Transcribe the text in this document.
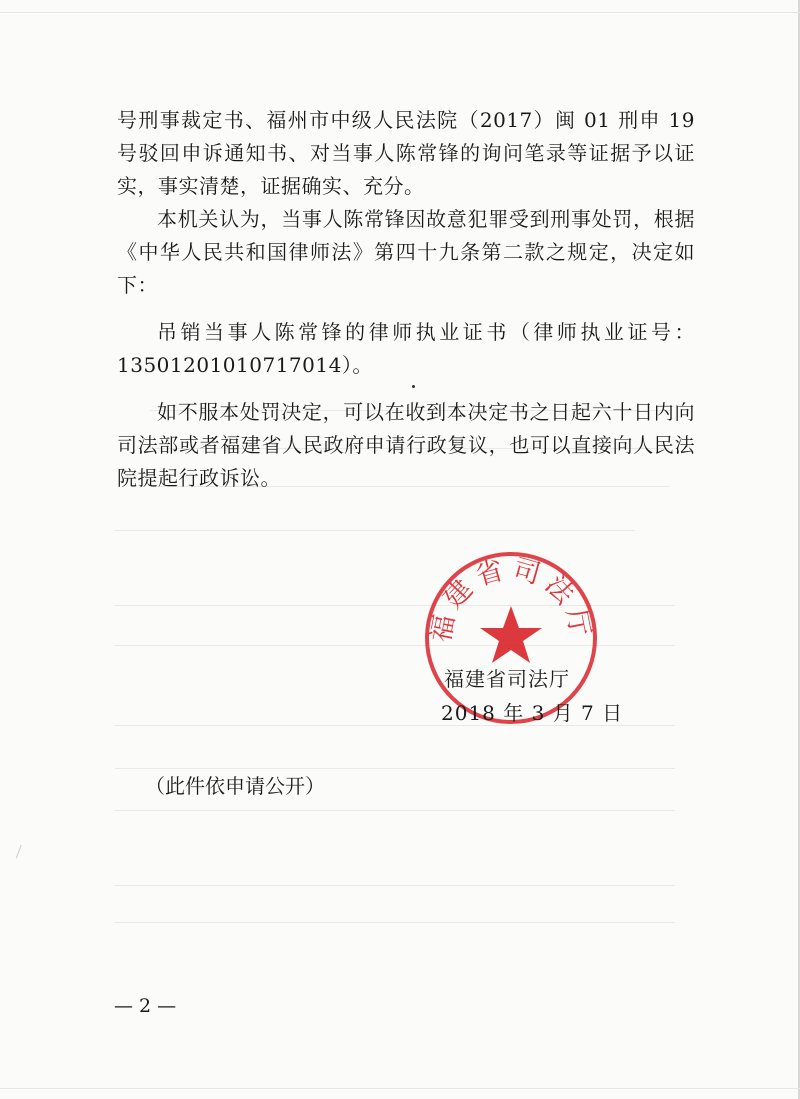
号刑事裁定书、福州市中级人民法院（2017）闽 01 刑申 19 号驳回申诉通知书、对当事人陈常锋的询问笔录等证据予以证实，事实清楚，证据确实、充分。

本机关认为，当事人陈常锋因故意犯罪受到刑事处罚，根据《中华人民共和国律师法》第四十九条第二款之规定，决定如下：

吊销当事人陈常锋的律师执业证书（律师执业证号：13501201010717014）。

如不服本处罚决定，可以在收到本决定书之日起六十日内向司法部或者福建省人民政府申请行政复议，也可以直接向人民法院提起行政诉讼。

福建省司法厅
福建省司法厅
2018 年 3 月 7 日
（此件依申请公开）
— 2 —
